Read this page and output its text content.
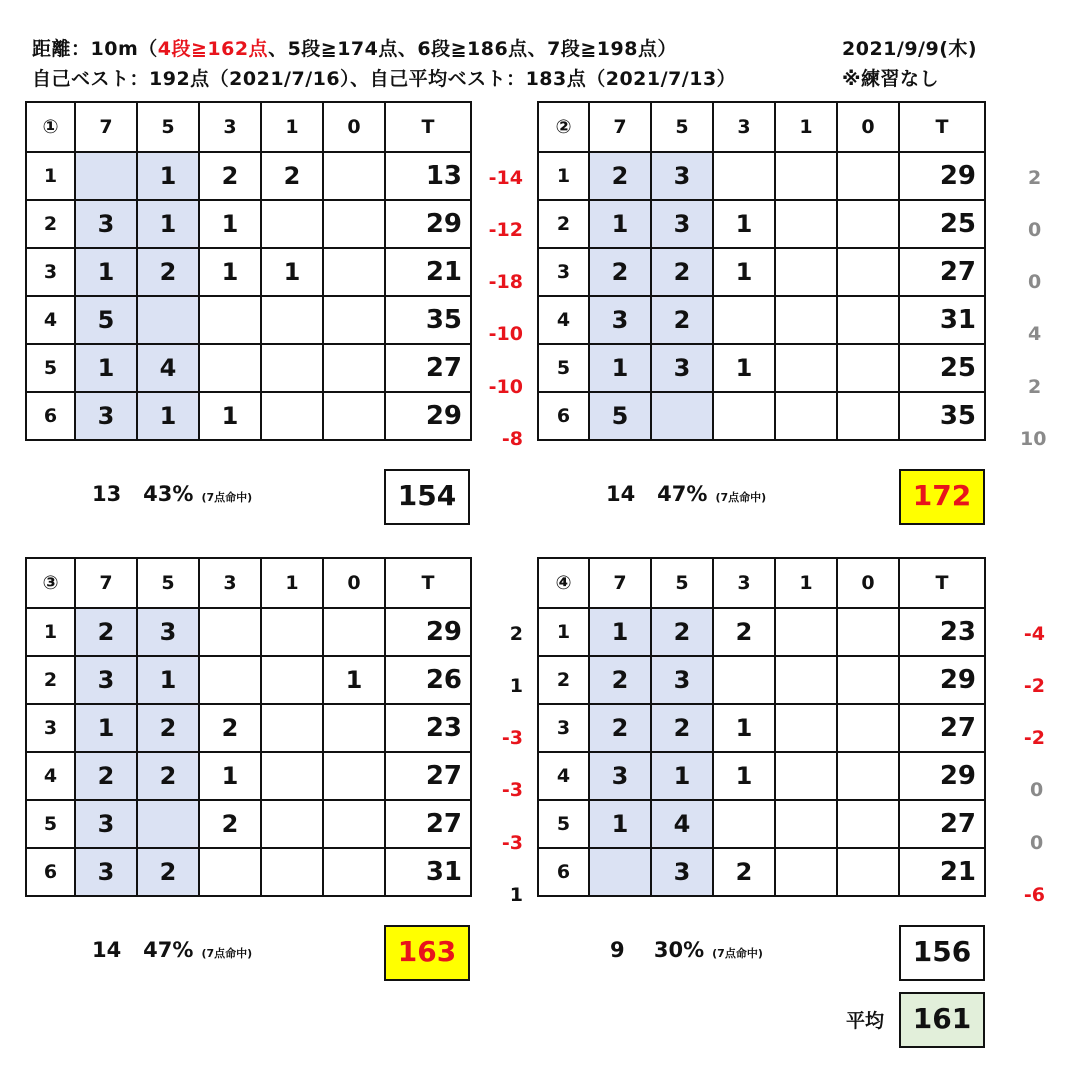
距離：10m（4段≧162点、5段≧174点、6段≧186点、7段≧198点）	2021/9/9(木)
自己ベスト：192点（2021/7/16）、自己平均ベスト：183点（2021/7/13）	※練習なし
①	7	5	3	1	0	T
1		1	2	2		13
2	3	1	1			29
3	1	2	1	1		21
4	5					35
5	1	4				27
6	3	1	1			29
-14
-12
-18
-10
-10
-8
13 43% (7点命中)	154
②	7	5	3	1	0	T
1	2	3				29
2	1	3	1			25
3	2	2	1			27
4	3	2				31
5	1	3	1			25
6	5					35
2
0
0
4
2
10
14 47% (7点命中)	172
③	7	5	3	1	0	T
1	2	3				29
2	3	1			1	26
3	1	2	2			23
4	2	2	1			27
5	3		2			27
6	3	2				31
2
1
-3
-3
-3
1
14 47% (7点命中)	163
④	7	5	3	1	0	T
1	1	2	2			23
2	2	3				29
3	2	2	1			27
4	3	1	1			29
5	1	4				27
6		3	2			21
-4
-2
-2
0
0
-6
9 30% (7点命中)	156
平均	161
